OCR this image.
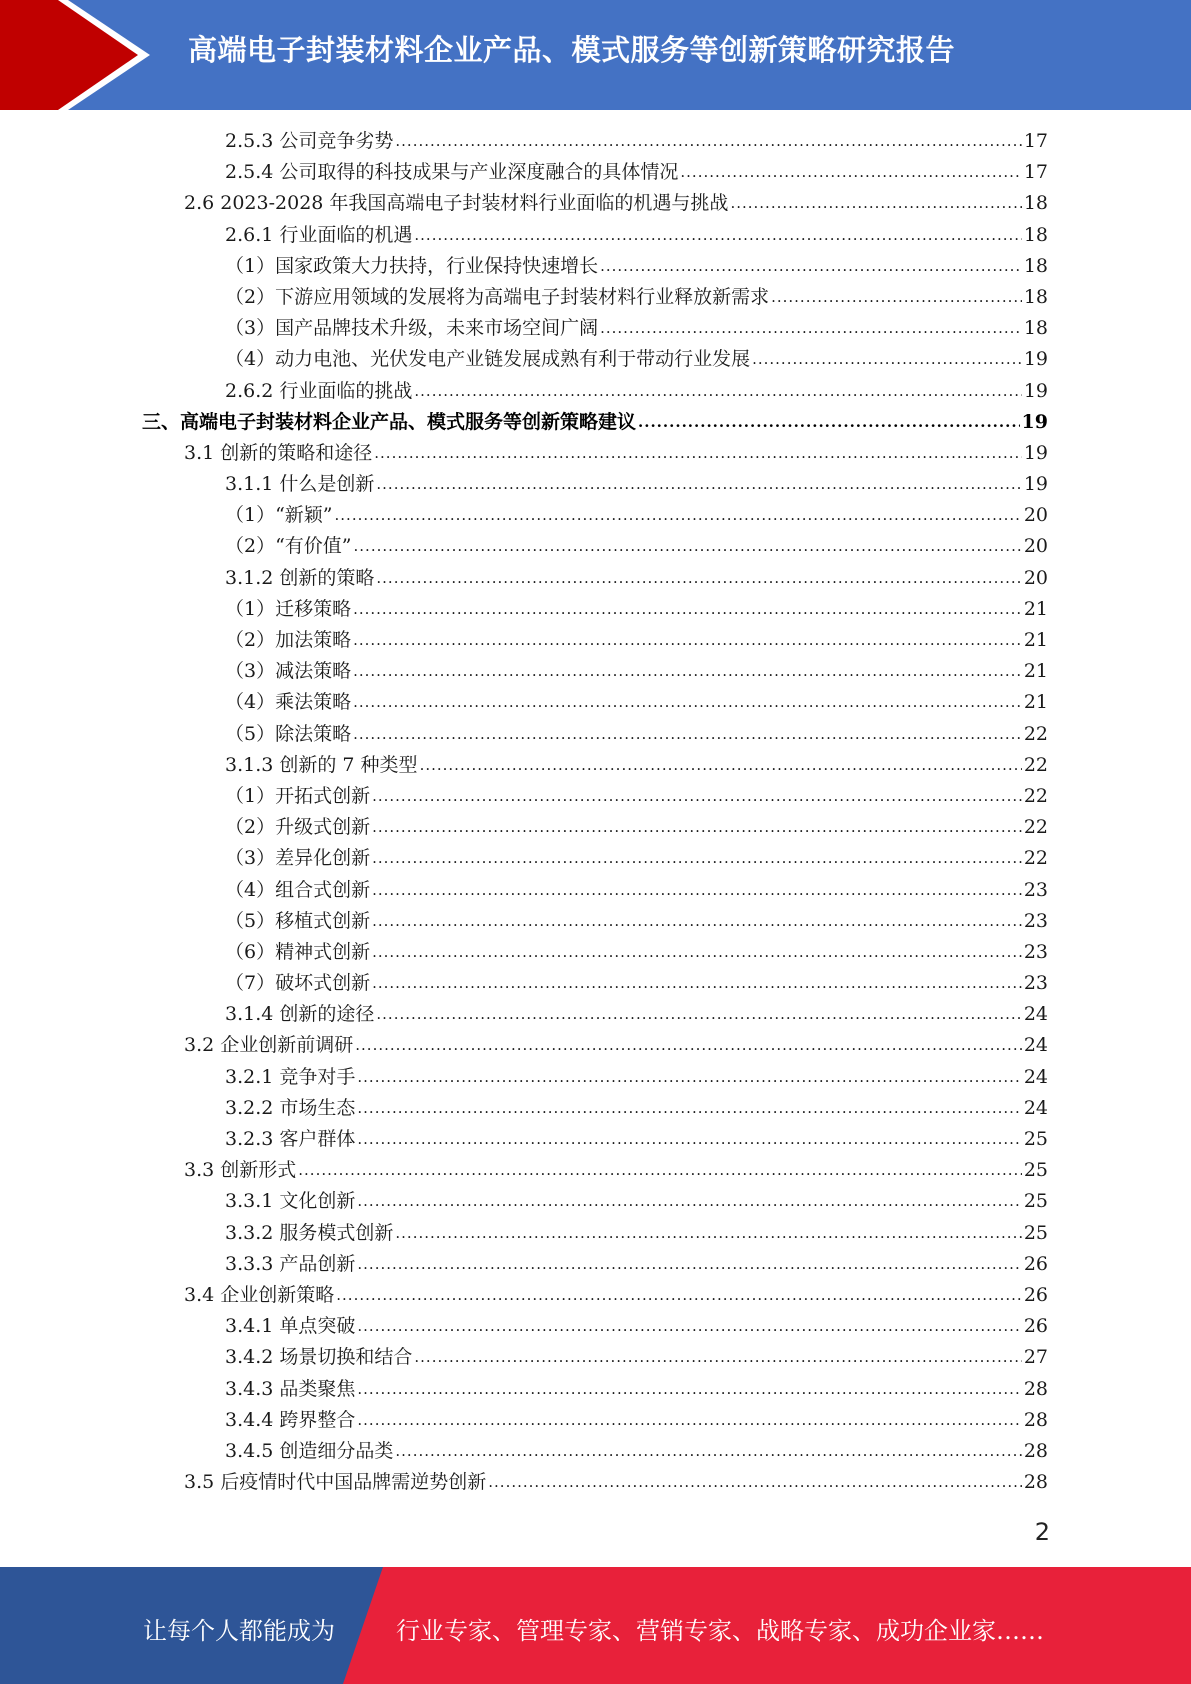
高端电子封装材料企业产品、模式服务等创新策略研究报告
2.5.3 公司竞争劣势 .....	17
2.5.4 公司取得的科技成果与产业深度融合的具体情况 .....	17
2.6 2023-2028 年我国高端电子封装材料行业面临的机遇与挑战 .....	18
2.6.1 行业面临的机遇 .....	18
（1）国家政策大力扶持，行业保持快速增长 .....	18
（2）下游应用领域的发展将为高端电子封装材料行业释放新需求 .....	18
（3）国产品牌技术升级，未来市场空间广阔 .....	18
（4）动力电池、光伏发电产业链发展成熟有利于带动行业发展 .....	19
2.6.2 行业面临的挑战 .....	19
三、高端电子封装材料企业产品、模式服务等创新策略建议 .....	19
3.1 创新的策略和途径 .....	19
3.1.1 什么是创新 .....	19
（1）“新颖” .....	20
（2）“有价值” .....	20
3.1.2 创新的策略 .....	20
（1）迁移策略 .....	21
（2）加法策略 .....	21
（3）减法策略 .....	21
（4）乘法策略 .....	21
（5）除法策略 .....	22
3.1.3 创新的 7 种类型 .....	22
（1）开拓式创新 .....	22
（2）升级式创新 .....	22
（3）差异化创新 .....	22
（4）组合式创新 .....	23
（5）移植式创新 .....	23
（6）精神式创新 .....	23
（7）破坏式创新 .....	23
3.1.4 创新的途径 .....	24
3.2 企业创新前调研 .....	24
3.2.1 竞争对手 .....	24
3.2.2 市场生态 .....	24
3.2.3 客户群体 .....	25
3.3 创新形式 .....	25
3.3.1 文化创新 .....	25
3.3.2 服务模式创新 .....	25
3.3.3 产品创新 .....	26
3.4 企业创新策略 .....	26
3.4.1 单点突破 .....	26
3.4.2 场景切换和结合 .....	27
3.4.3 品类聚焦 .....	28
3.4.4 跨界整合 .....	28
3.4.5 创造细分品类 .....	28
3.5 后疫情时代中国品牌需逆势创新 .....	28
2
让每个人都能成为	行业专家、管理专家、营销专家、战略专家、成功企业家……
